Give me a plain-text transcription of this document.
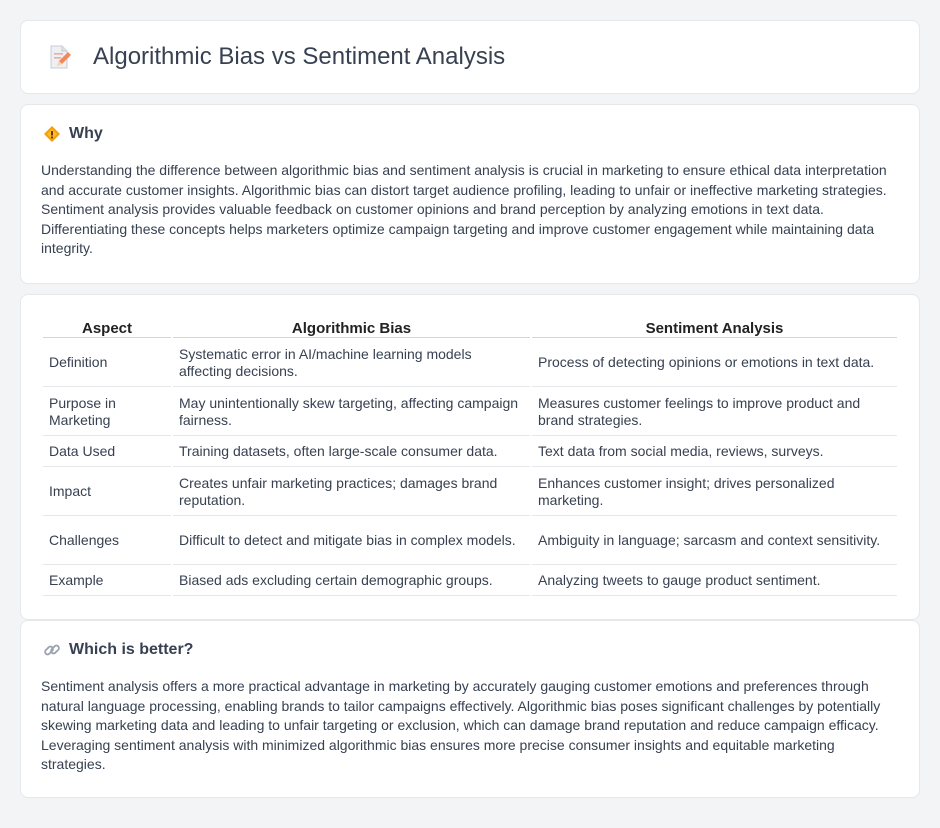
Algorithmic Bias vs Sentiment Analysis
Why

Understanding the difference between algorithmic bias and sentiment analysis is crucial in marketing to ensure ethical data interpretation and accurate customer insights. Algorithmic bias can distort target audience profiling, leading to unfair or ineffective marketing strategies. Sentiment analysis provides valuable feedback on customer opinions and brand perception by analyzing emotions in text data. Differentiating these concepts helps marketers optimize campaign targeting and improve customer engagement while maintaining data integrity.

Aspect	Algorithmic Bias	Sentiment Analysis
Definition	Systematic error in AI/machine learning models affecting decisions.	Process of detecting opinions or emotions in text data.
Purpose in Marketing	May unintentionally skew targeting, affecting campaign fairness.	Measures customer feelings to improve product and brand strategies.
Data Used	Training datasets, often large-scale consumer data.	Text data from social media, reviews, surveys.
Impact	Creates unfair marketing practices; damages brand reputation.	Enhances customer insight; drives personalized marketing.
Challenges	Difficult to detect and mitigate bias in complex models.	Ambiguity in language; sarcasm and context sensitivity.
Example	Biased ads excluding certain demographic groups.	Analyzing tweets to gauge product sentiment.
Which is better?

Sentiment analysis offers a more practical advantage in marketing by accurately gauging customer emotions and preferences through natural language processing, enabling brands to tailor campaigns effectively. Algorithmic bias poses significant challenges by potentially skewing marketing data and leading to unfair targeting or exclusion, which can damage brand reputation and reduce campaign efficacy. Leveraging sentiment analysis with minimized algorithmic bias ensures more precise consumer insights and equitable marketing strategies.
